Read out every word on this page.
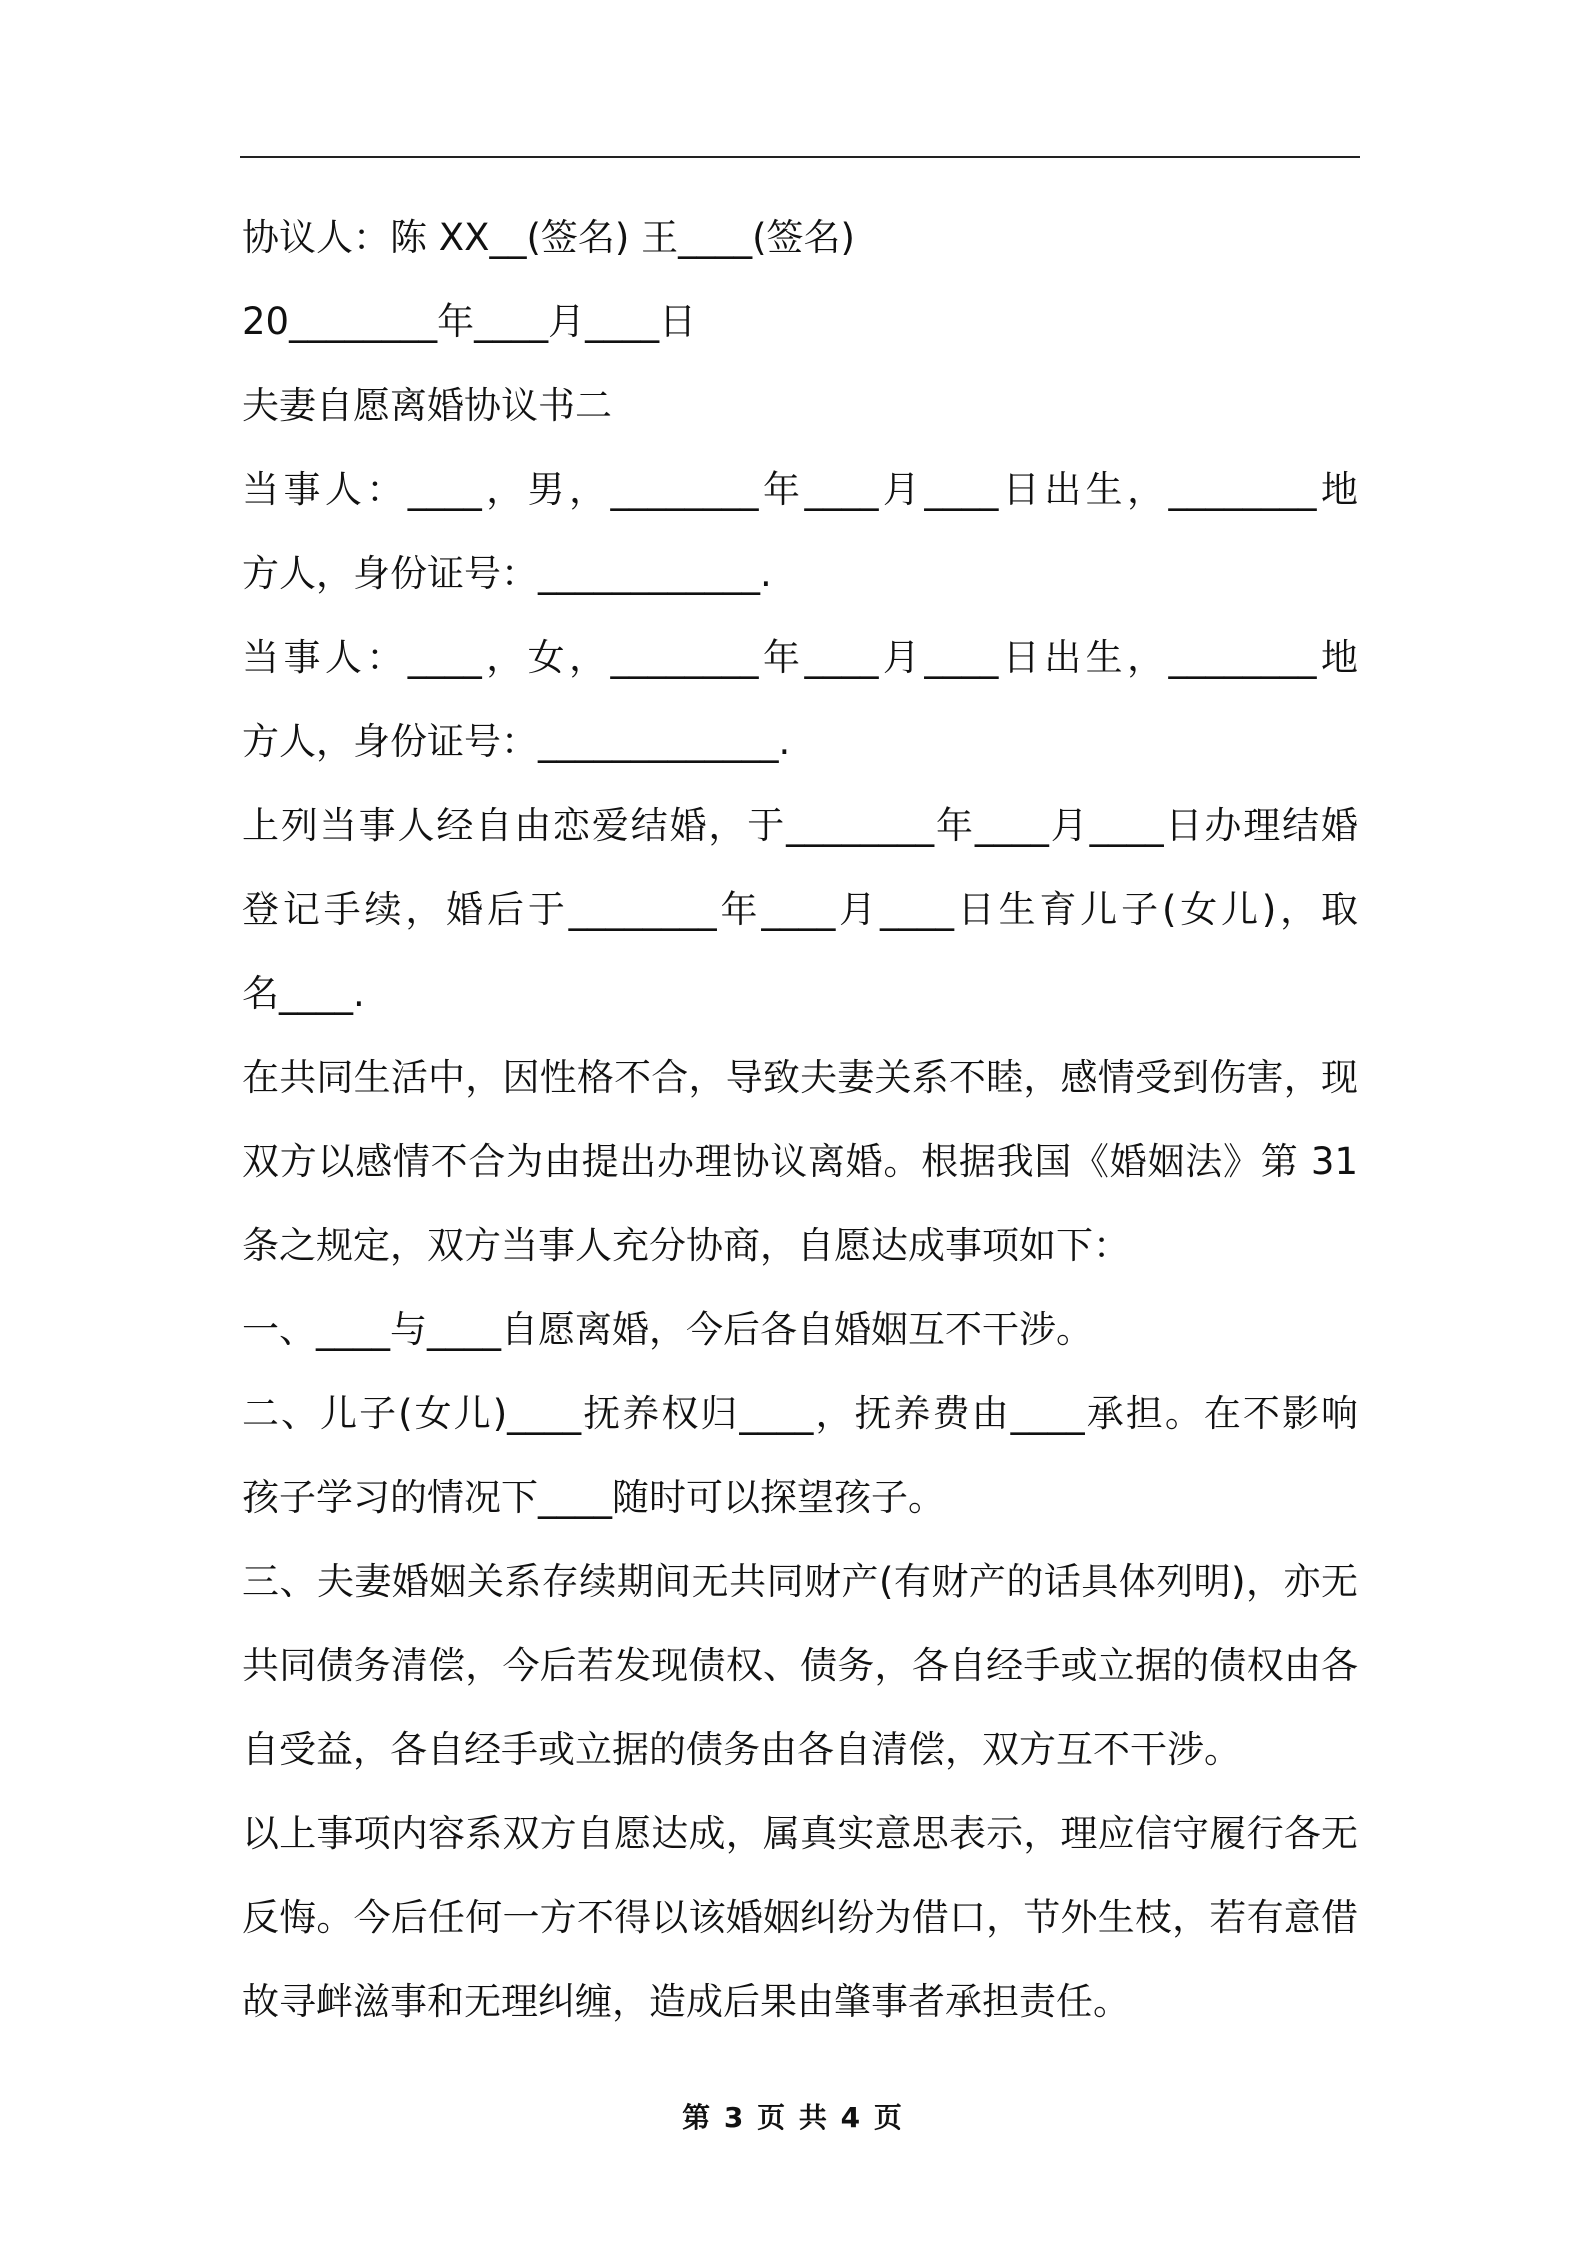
协议人：陈 XX__(签名) 王____(签名)
20________年____月____日
夫妻自愿离婚协议书二
当事人：____，男，________年____月____日出生，________地
方人，身份证号：____________.
当事人：____，女，________年____月____日出生，________地
方人，身份证号：_____________.
上列当事人经自由恋爱结婚，于________年____月____日办理结婚
登记手续，婚后于________年____月____日生育儿子(女儿)，取
名____.
在共同生活中，因性格不合，导致夫妻关系不睦，感情受到伤害，现
双方以感情不合为由提出办理协议离婚。根据我国《婚姻法》第 31
条之规定，双方当事人充分协商，自愿达成事项如下：
一、____与____自愿离婚，今后各自婚姻互不干涉。
二、儿子(女儿)____抚养权归____，抚养费由____承担。在不影响
孩子学习的情况下____随时可以探望孩子。
三、夫妻婚姻关系存续期间无共同财产(有财产的话具体列明)，亦无
共同债务清偿，今后若发现债权、债务，各自经手或立据的债权由各
自受益，各自经手或立据的债务由各自清偿，双方互不干涉。
以上事项内容系双方自愿达成，属真实意思表示，理应信守履行各无
反悔。今后任何一方不得以该婚姻纠纷为借口，节外生枝，若有意借
故寻衅滋事和无理纠缠，造成后果由肇事者承担责任。
第 3 页 共 4 页
